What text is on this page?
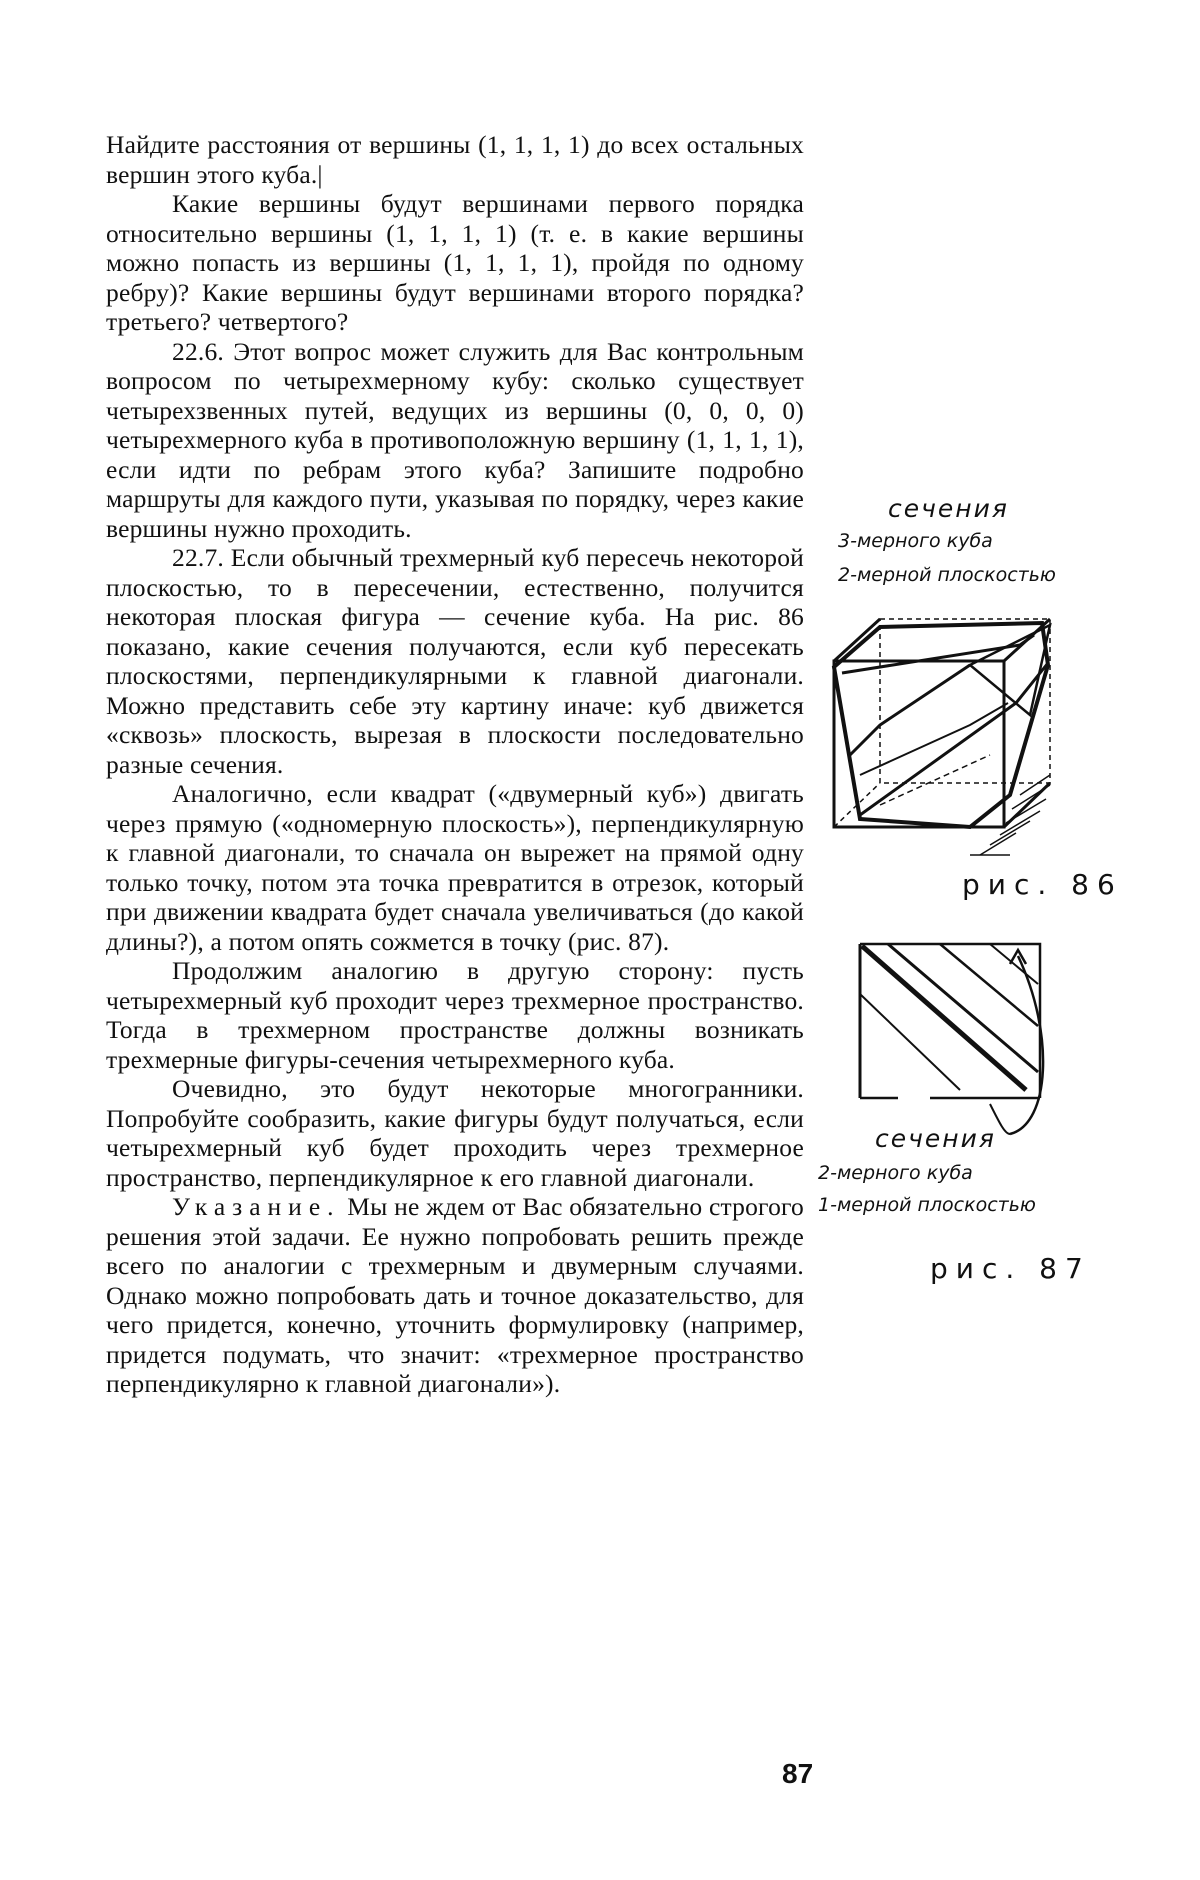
Найдите расстояния от вершины (1, 1, 1, 1) до всех остальных вершин этого куба.|

Какие вершины будут вершинами первого порядка относительно вершины (1, 1, 1, 1) (т. е. в какие вершины можно попасть из вершины (1, 1, 1, 1), пройдя по одному ребру)? Какие вершины будут вершинами второго порядка? третьего? четвертого?

22.6. Этот вопрос может служить для Вас контрольным вопросом по четырехмерному кубу: сколько существует четырехзвенных путей, ведущих из вершины (0, 0, 0, 0) четырехмерного куба в противоположную вершину (1, 1, 1, 1), если идти по ребрам этого куба? Запишите подробно маршруты для каждого пути, указывая по порядку, через какие вершины нужно проходить.

22.7. Если обычный трехмерный куб пересечь некоторой плоскостью, то в пересечении, естественно, получится некоторая плоская фигура — сечение куба. На рис. 86 показано, какие сечения получаются, если куб пересекать плоскостями, перпендикулярными к главной диагонали. Можно представить себе эту картину иначе: куб движется «сквозь» плоскость, вырезая в плоскости последовательно разные сечения.

Аналогично, если квадрат («двумерный куб») двигать через прямую («одномерную плоскость»), перпендикулярную к главной диагонали, то сначала он вырежет на прямой одну только точку, потом эта точка превратится в отрезок, который при движении квадрата будет сначала увеличиваться (до какой длины?), а потом опять сожмется в точку (рис. 87).

Продолжим аналогию в другую сторону: пусть четырехмерный куб проходит через трехмерное пространство. Тогда в трехмерном пространстве должны возникать трехмерные фигуры-сечения четырехмерного куба.

Очевидно, это будут некоторые многогранники. Попробуйте сообразить, какие фигуры будут получаться, если четырехмерный куб будет проходить через трехмерное пространство, перпендикулярное к его главной диагонали.

Указание. Мы не ждем от Вас обязательно строгого решения этой задачи. Ее нужно попробовать решить прежде всего по аналогии с трехмерным и двумерным случаями. Однако можно попробовать дать и точное доказательство, для чего придется, конечно, уточнить формулировку (например, придется подумать, что значит: «трехмерное пространство перпендикулярно к главной диагонали»).

сечения
3-мерного куба
2-мерной плоскостью
рис. 86
сечения
2-мерного куба
1-мерной плоскостью
рис. 87
87
